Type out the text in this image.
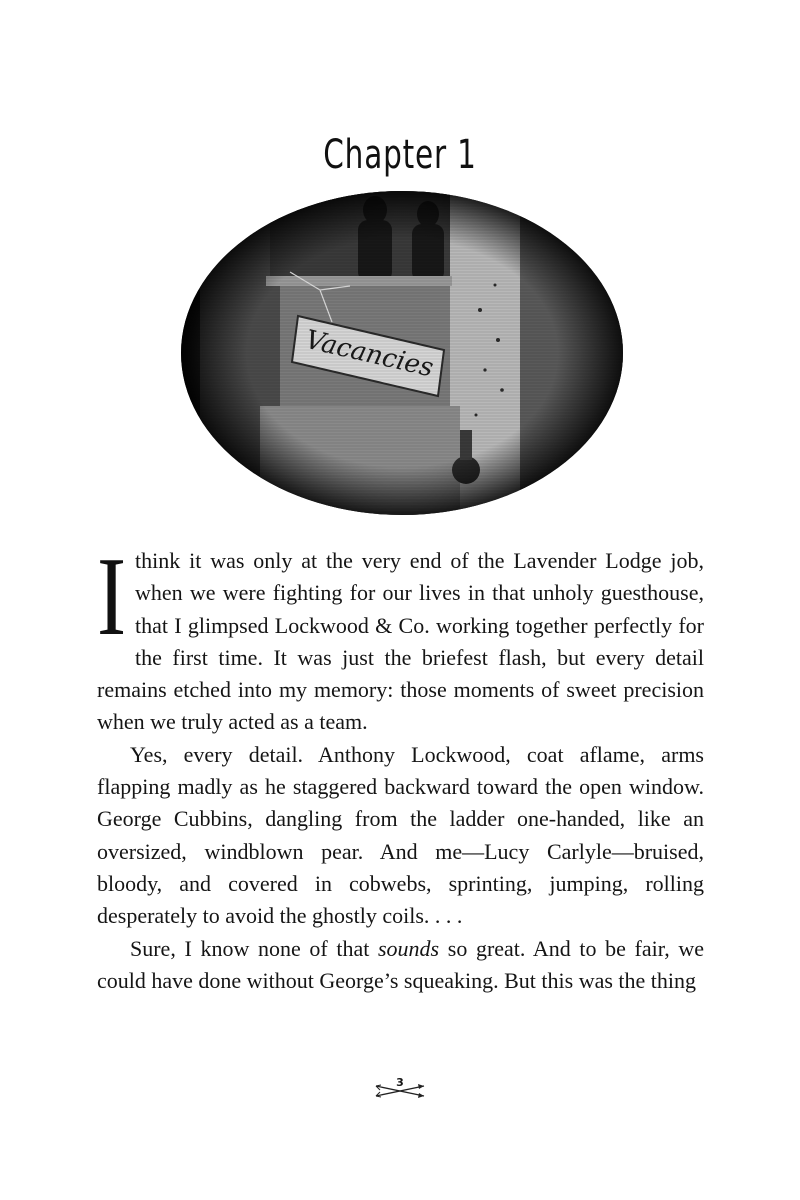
Chapter 1

Ithink it was only at the very end of the Lavender Lodge job, when we were fighting for our lives in that unholy guesthouse, that I glimpsed Lockwood & Co. working together perfectly for the first time. It was just the briefest flash, but every detail remains etched into my memory: those moments of sweet precision when we truly acted as a team.

Yes, every detail. Anthony Lockwood, coat aflame, arms flapping madly as he staggered backward toward the open window. George Cubbins, dangling from the ladder one-handed, like an oversized, windblown pear. And me—Lucy Carlyle—bruised, bloody, and covered in cobwebs, sprinting, jumping, rolling desperately to avoid the ghostly coils. . . .

Sure, I know none of that sounds so great. And to be fair, we could have done without George’s squeaking. But this was the thing

3
